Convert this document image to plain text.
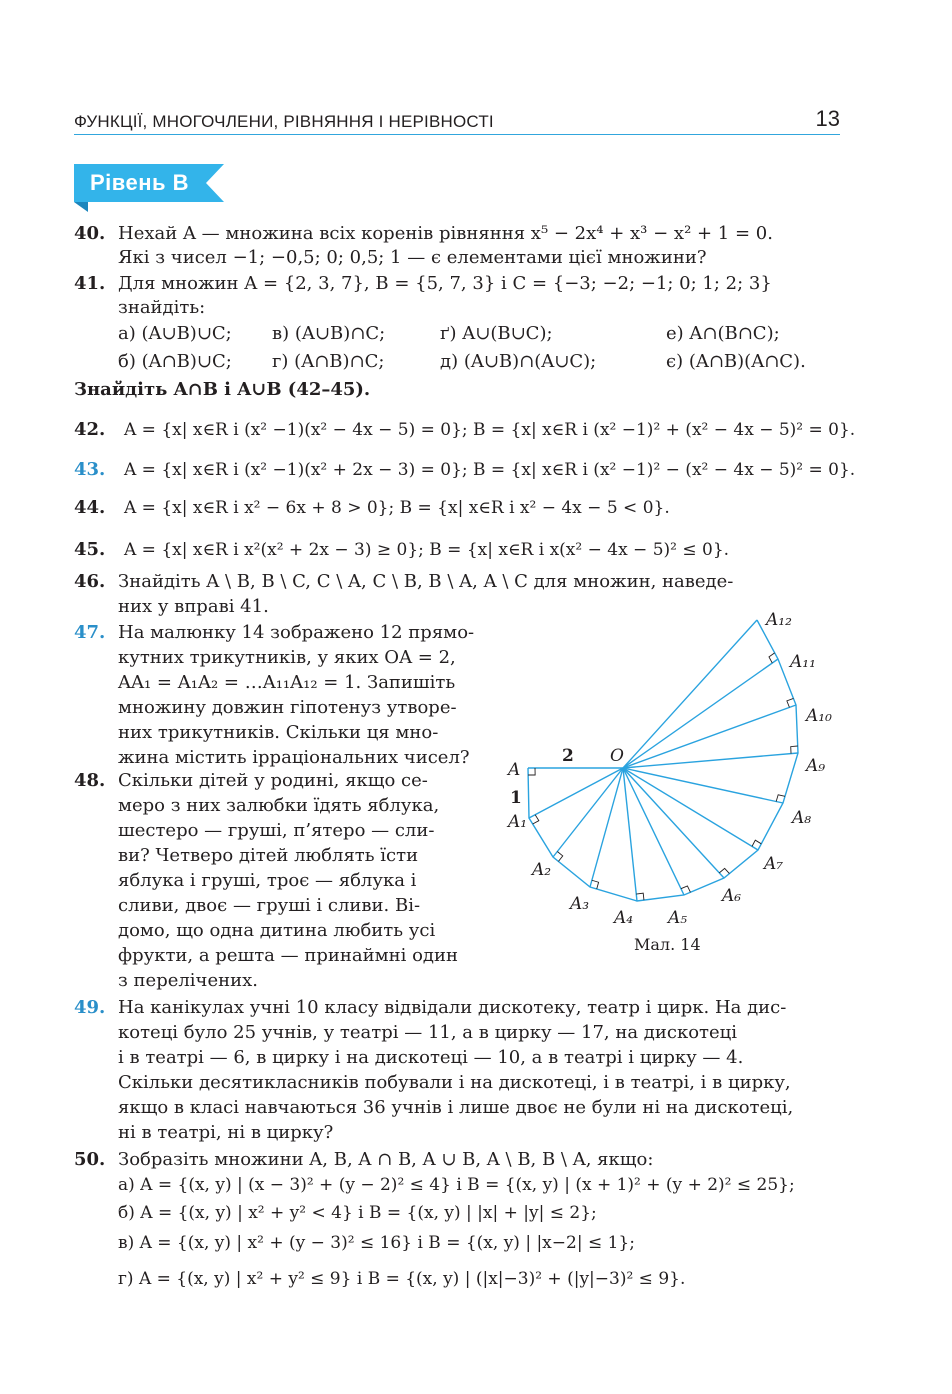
ФУНКЦІЇ, МНОГОЧЛЕНИ, РІВНЯННЯ І НЕРІВНОСТІ	13
Рівень В
40. Нехай A — множина всіх коренів рівняння x⁵ − 2x⁴ + x³ − x² + 1 = 0.
Які з чисел −1; −0,5; 0; 0,5; 1 — є елементами цієї множини?
41. Для множин A = {2, 3, 7}, B = {5, 7, 3} і C = {−3; −2; −1; 0; 1; 2; 3}
знайдіть:
а) (A∪B)∪C; в) (A∪B)∩C;	ґ) A∪(B∪C);	е) A∩(B∩C);
б) (A∩B)∪C; г) (A∩B)∩C;	д) (A∪B)∩(A∪C);	є) (A∩B)(A∩C).
Знайдіть A∩B і A∪B (42–45).
42. A = {x| x∈R і (x² −1)(x² − 4x − 5) = 0}; B = {x| x∈R і (x² −1)² + (x² − 4x − 5)² = 0}.
43. A = {x| x∈R і (x² −1)(x² + 2x − 3) = 0}; B = {x| x∈R і (x² −1)² − (x² − 4x − 5)² = 0}.
44. A = {x| x∈R і x² − 6x + 8 > 0}; B = {x| x∈R і x² − 4x − 5 < 0}.
45. A = {x| x∈R і x²(x² + 2x − 3) ≥ 0}; B = {x| x∈R і x(x² − 4x − 5)² ≤ 0}.
46. Знайдіть A \ B, B \ C, C \ A, C \ B, B \ A, A \ C для множин, наведе-
них у вправі 41.
47. На малюнку 14 зображено 12 прямо-
кутних трикутників, у яких OA = 2,
AA₁ = A₁A₂ = …A₁₁A₁₂ = 1. Запишіть
множину довжин гіпотенуз утворе-
них трикутників. Скільки ця мно-
жина містить ірраціональних чисел?
48. Скільки дітей у родині, якщо се-
меро з них залюбки їдять яблука,
шестеро — груші, п’ятеро — сли-
ви? Четверо дітей люблять їсти
яблука і груші, троє — яблука і
сливи, двоє — груші і сливи. Ві-
домо, що одна дитина любить усі
фрукти, а решта — принаймні один
з перелічених.
49. На канікулах учні 10 класу відвідали дискотеку, театр і цирк. На дис-
котеці було 25 учнів, у театрі — 11, а в цирку — 17, на дискотеці
і в театрі — 6, в цирку і на дискотеці — 10, а в театрі і цирку — 4.
Скільки десятикласників побували і на дискотеці, і в театрі, і в цирку,
якщо в класі навчаються 36 учнів і лише двоє не були ні на дискотеці,
ні в театрі, ні в цирку?
50. Зобразіть множини A, B, A ∩ B, A ∪ B, A \ B, B \ A, якщо:
а) A = {(x, y) | (x − 3)² + (y − 2)² ≤ 4} і B = {(x, y) | (x + 1)² + (y + 2)² ≤ 25};
б) A = {(x, y) | x² + y² < 4} і B = {(x, y) | |x| + |y| ≤ 2};
в) A = {(x, y) | x² + (y − 3)² ≤ 16} і B = {(x, y) | |x−2| ≤ 1};
г) A = {(x, y) | x² + y² ≤ 9} і B = {(x, y) | (|x|−3)² + (|y|−3)² ≤ 9}.
A
A₁
A₂
A₃
A₄ A₅
A₆
A₇
A₈
A₉
A₁₀
A₁₁
A₁₂
O
2
1
Мал. 14
